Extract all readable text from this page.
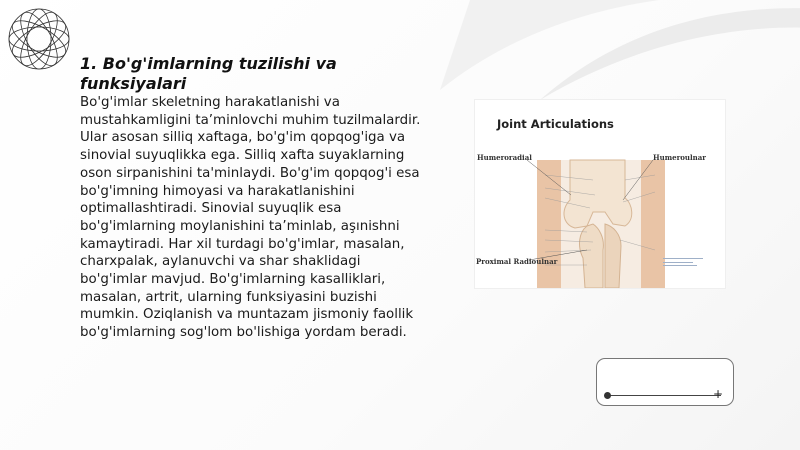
1. Bo'g'imlarning tuzilishi va funksiyalari
Bo'g'imlar skeletning harakatlanishi va mustahkamligini ta’minlovchi muhim tuzilmalardir. Ular asosan silliq xaftaga, bo'g'im qopqog'iga va sinovial suyuqlikka ega. Silliq xafta suyaklarning oson sirpanishini ta'minlaydi. Bo'g'im qopqog'i esa bo'g'imning himoyasi va harakatlanishini optimallashtiradi. Sinovial suyuqlik esa bo'g'imlarning moylanishini ta’minlab, aşınishni kamaytiradi. Har xil turdagi bo'g'imlar, masalan, charxpalak, aylanuvchi va shar shaklidagi bo'g'imlar mavjud. Bo'g'imlarning kasalliklari, masalan, artrit, ularning funksiyasini buzishi mumkin. Oziqlanish va muntazam jismoniy faollik bo'g'imlarning sog'lom bo'lishiga yordam beradi.
Joint Articulations
Humeroradial	Humeroulnar
Proximal Radioulnar
+
